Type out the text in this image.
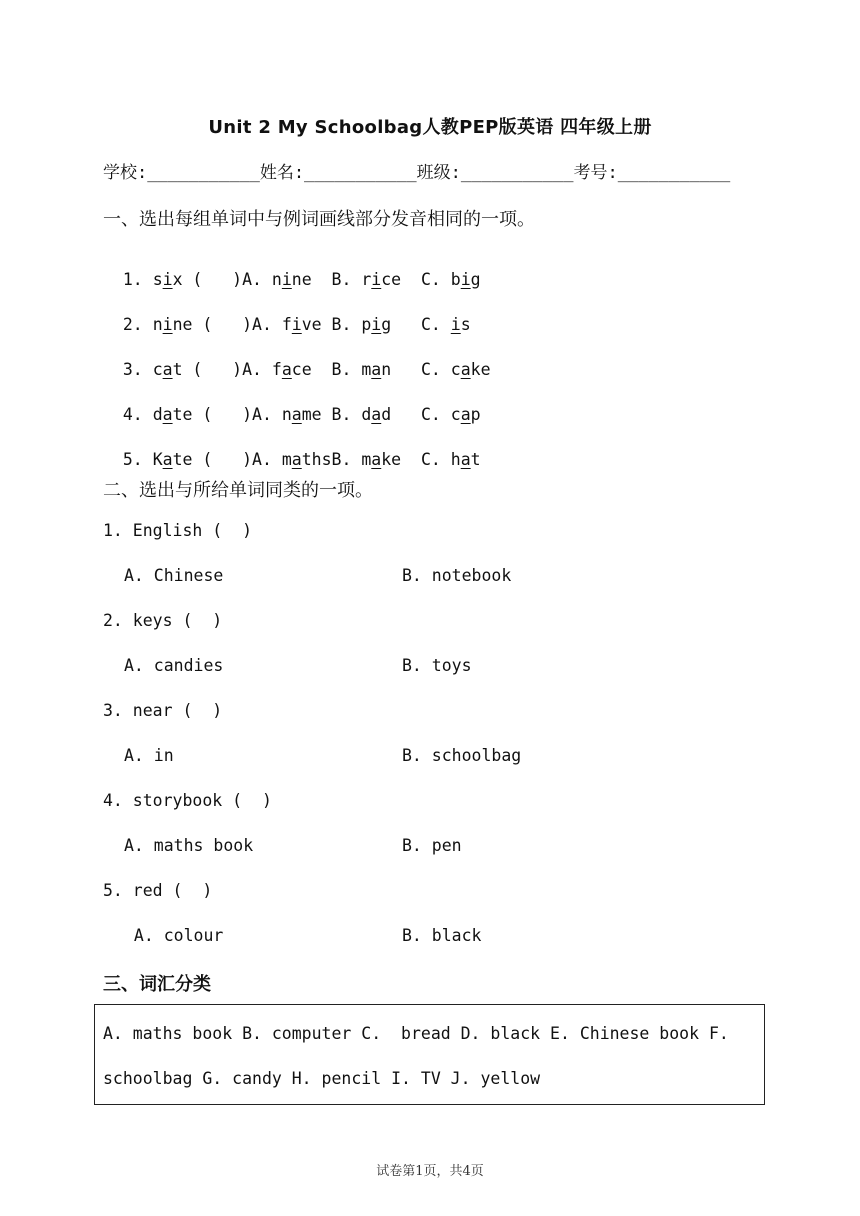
Unit 2 My Schoolbag人教PEP版英语 四年级上册
学校:___________姓名:___________班级:___________考号:___________
一、选出每组单词中与例词画线部分发音相同的一项。

1. six (   )A. nine  B. rice  C. big

2. nine (   )A. five B. pig   C. is

3. cat (   )A. face  B. man   C. cake

4. date (   )A. name B. dad   C. cap

5. Kate (   )A. mathsB. make  C. hat

二、选出与所给单词同类的一项。
1. English (  )
A. Chinese	B. notebook
2. keys (  )
A. candies	B. toys
3. near (  )
A. in	B. schoolbag
4. storybook (  )
A. maths book	B. pen
5. red (  )
A. colour	B. black
三、词汇分类
A. maths book B. computer C.  bread D. black E. Chinese book F.
schoolbag G. candy H. pencil I. TV J. yellow
试卷第1页，共4页
